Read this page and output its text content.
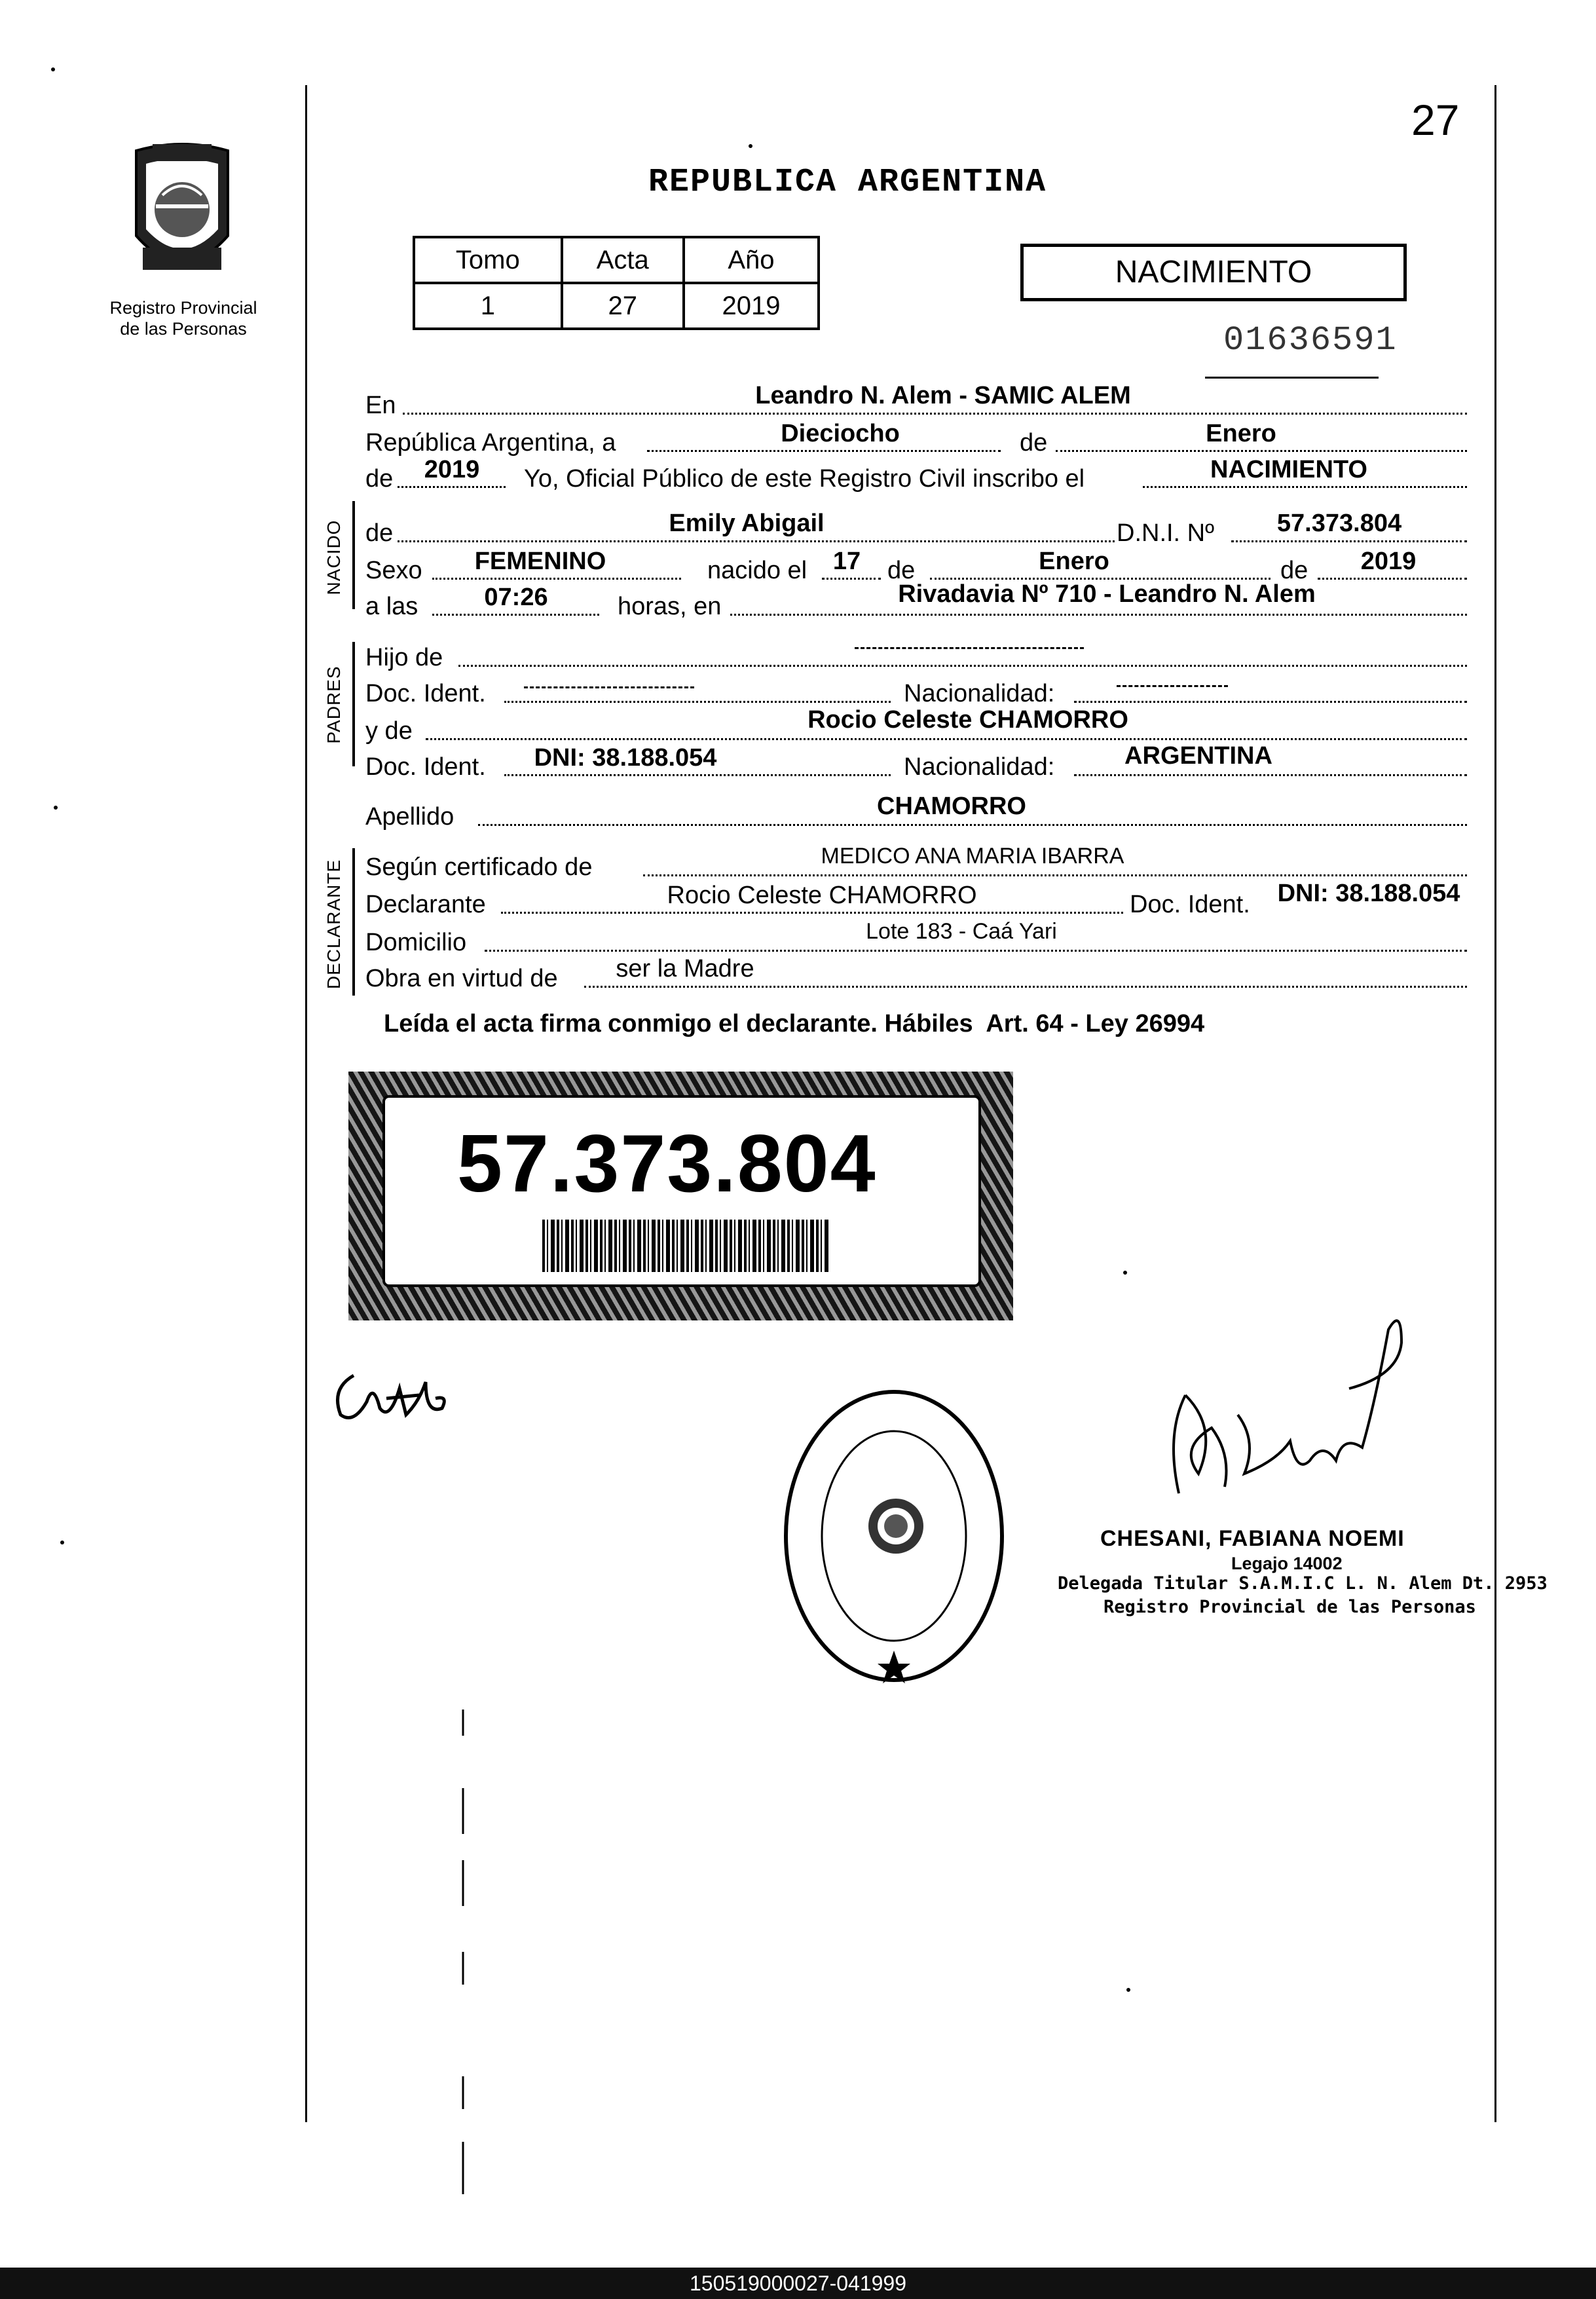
27
Registro Provincial
de las Personas
REPUBLICA ARGENTINA
Tomo	Acta	Año
1	27	2019
NACIMIENTO
01636591
En	Leandro N. Alem - SAMIC ALEM
República Argentina, a	Dieciocho	de	Enero
de 2019 Yo, Oficial Público de este Registro Civil inscribo el	NACIMIENTO
NACIDO de	Emily Abigail	D.N.I. Nº	57.373.804
Sexo FEMENINO	nacido el 17 de	Enero	de 2019
a las	07:26	horas, en	Rivadavia Nº 710 - Leandro N. Alem
PADRES
Hijo de
Doc. Ident.	Nacionalidad:
y de	Rocio Celeste CHAMORRO
Doc. Ident. DNI: 38.188.054	Nacionalidad:	ARGENTINA
Apellido	CHAMORRO
DECLARANTE Según certificado de	MEDICO ANA MARIA IBARRA
Declarante	Rocio Celeste CHAMORRO	Doc. Ident. DNI: 38.188.054
Domicilio	Lote 183 - Caá Yari
Obra en virtud de ser la Madre
Leída el acta firma conmigo el declarante. Hábiles  Art. 64 - Ley 26994
57.373.804
CHESANI, FABIANA NOEMI
Legajo 14002
Delegada Titular S.A.M.I.C L. N. Alem Dt. 2953
Registro Provincial de las Personas
150519000027-041999
